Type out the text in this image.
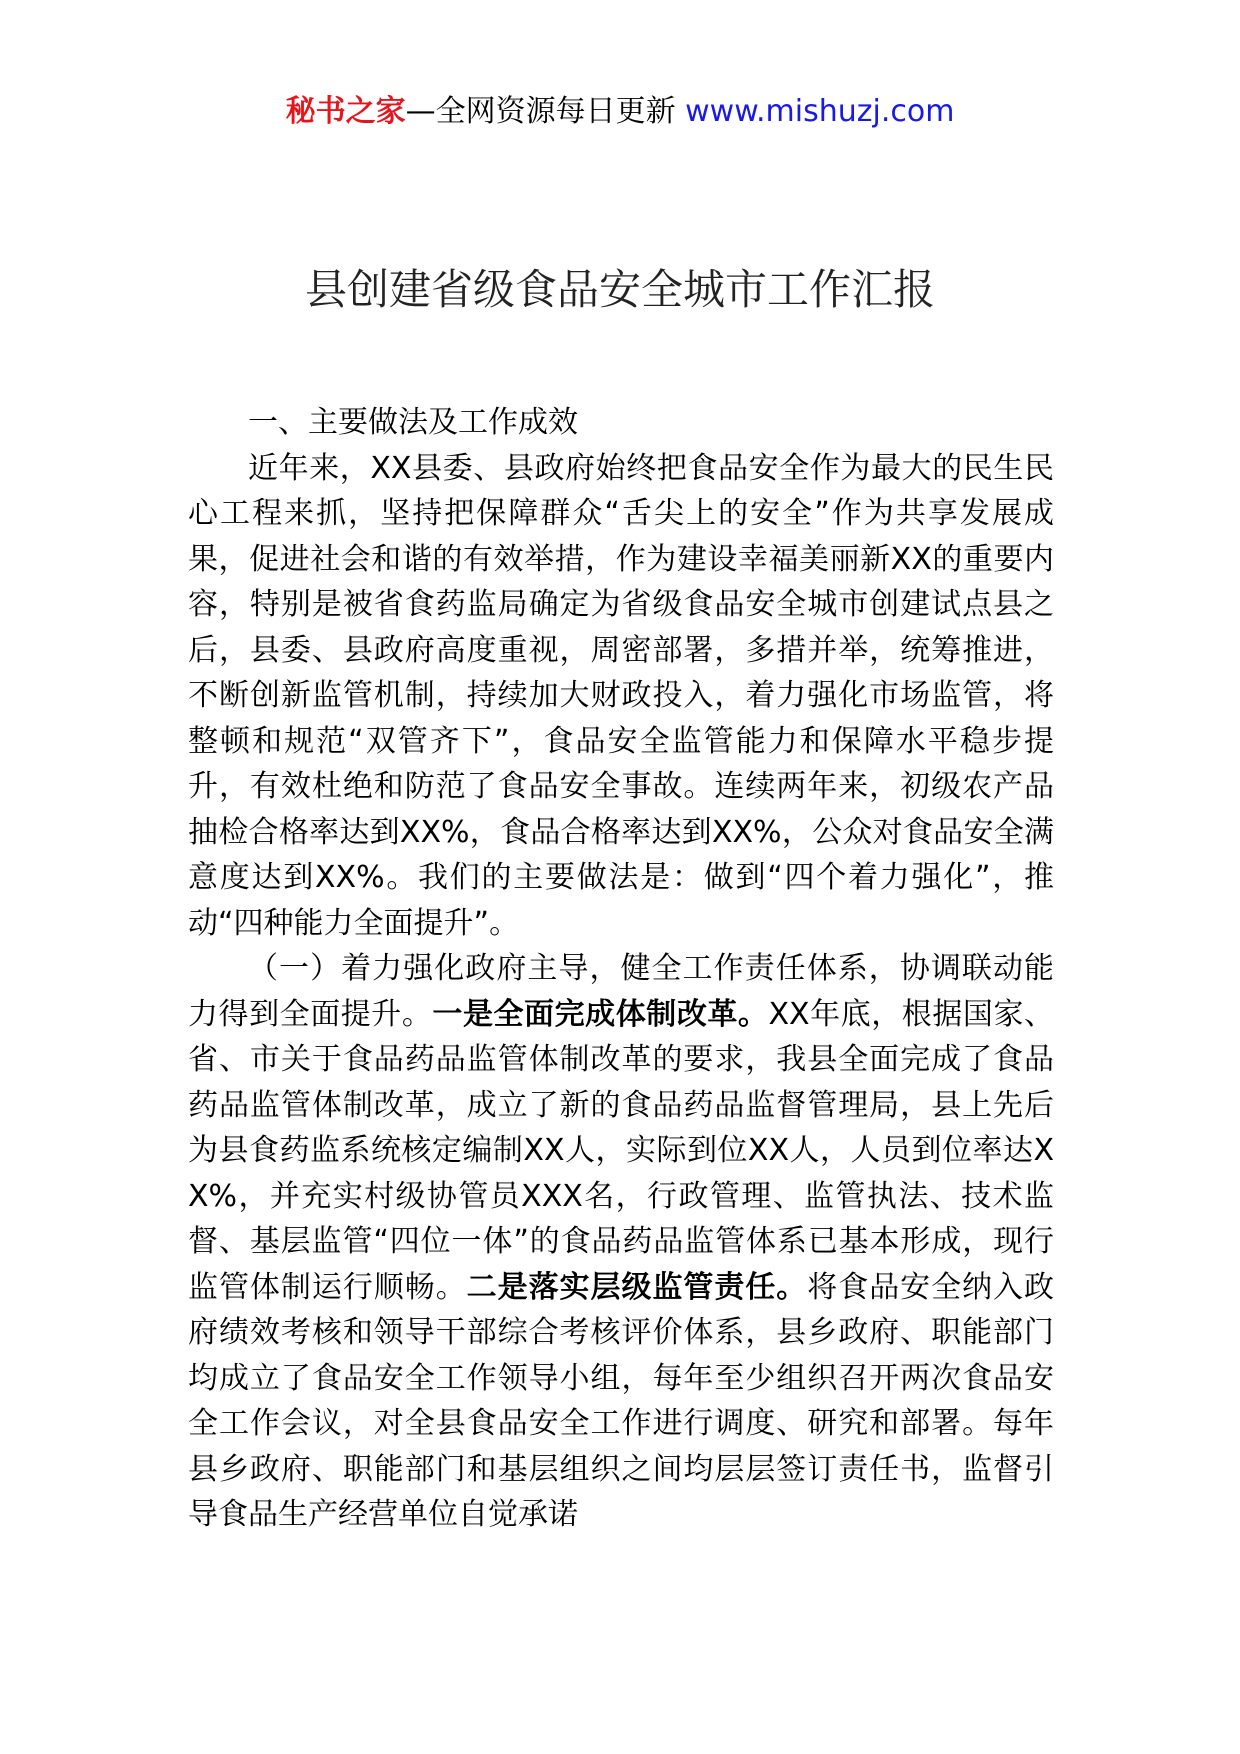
秘书之家—全网资源每日更新 www.mishuzj.com
县创建省级食品安全城市工作汇报

一、主要做法及工作成效

近年来，XX县委、县政府始终把食品安全作为最大的民生民心工程来抓，坚持把保障群众“舌尖上的安全”作为共享发展成果，促进社会和谐的有效举措，作为建设幸福美丽新XX的重要内容，特别是被省食药监局确定为省级食品安全城市创建试点县之后，县委、县政府高度重视，周密部署，多措并举，统筹推进，不断创新监管机制，持续加大财政投入，着力强化市场监管，将整顿和规范“双管齐下”，食品安全监管能力和保障水平稳步提升，有效杜绝和防范了食品安全事故。连续两年来，初级农产品抽检合格率达到XX%，食品合格率达到XX%，公众对食品安全满意度达到XX%。我们的主要做法是：做到“四个着力强化”，推动“四种能力全面提升”。

（一）着力强化政府主导，健全工作责任体系，协调联动能力得到全面提升。一是全面完成体制改革。XX年底，根据国家、省、市关于食品药品监管体制改革的要求，我县全面完成了食品药品监管体制改革，成立了新的食品药品监督管理局，县上先后为县食药监系统核定编制XX人，实际到位XX人，人员到位率达XX%，并充实村级协管员XXX名，行政管理、监管执法、技术监督、基层监管“四位一体”的食品药品监管体系已基本形成，现行监管体制运行顺畅。二是落实层级监管责任。将食品安全纳入政府绩效考核和领导干部综合考核评价体系，县乡政府、职能部门均成立了食品安全工作领导小组，每年至少组织召开两次食品安全工作会议，对全县食品安全工作进行调度、研究和部署。每年县乡政府、职能部门和基层组织之间均层层签订责任书，监督引导食品生产经营单位自觉承诺
